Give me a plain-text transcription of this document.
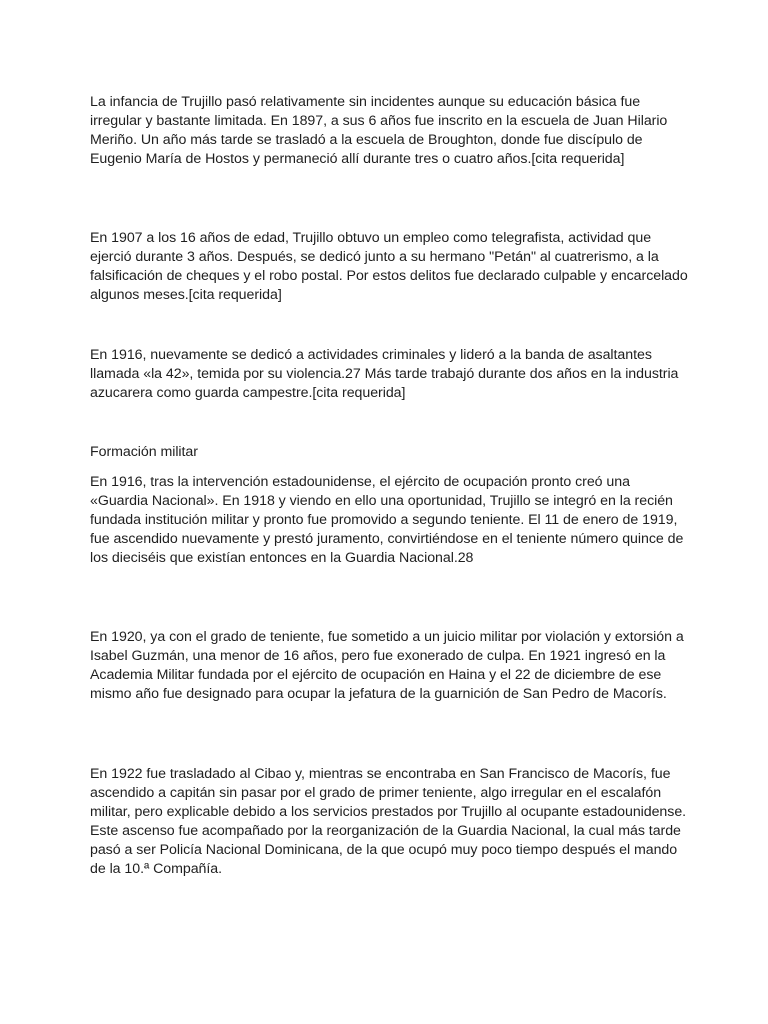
La infancia de Trujillo pasó relativamente sin incidentes aunque su educación básica fue irregular y bastante limitada. En 1897, a sus 6 años fue inscrito en la escuela de Juan Hilario Meriño. Un año más tarde se trasladó a la escuela de Broughton, donde fue discípulo de Eugenio María de Hostos y permaneció allí durante tres o cuatro años.[cita requerida]

En 1907 a los 16 años de edad, Trujillo obtuvo un empleo como telegrafista, actividad que ejerció durante 3 años. Después, se dedicó junto a su hermano "Petán" al cuatrerismo, a la falsificación de cheques y el robo postal. Por estos delitos fue declarado culpable y encarcelado algunos meses.[cita requerida]

En 1916, nuevamente se dedicó a actividades criminales y lideró a la banda de asaltantes llamada «la 42», temida por su violencia.27 Más tarde trabajó durante dos años en la industria azucarera como guarda campestre.[cita requerida]

Formación militar

En 1916, tras la intervención estadounidense, el ejército de ocupación pronto creó una «Guardia Nacional». En 1918 y viendo en ello una oportunidad, Trujillo se integró en la recién fundada institución militar y pronto fue promovido a segundo teniente. El 11 de enero de 1919, fue ascendido nuevamente y prestó juramento, convirtiéndose en el teniente número quince de los dieciséis que existían entonces en la Guardia Nacional.28

En 1920, ya con el grado de teniente, fue sometido a un juicio militar por violación y extorsión a Isabel Guzmán, una menor de 16 años, pero fue exonerado de culpa. En 1921 ingresó en la Academia Militar fundada por el ejército de ocupación en Haina y el 22 de diciembre de ese mismo año fue designado para ocupar la jefatura de la guarnición de San Pedro de Macorís.

En 1922 fue trasladado al Cibao y, mientras se encontraba en San Francisco de Macorís, fue ascendido a capitán sin pasar por el grado de primer teniente, algo irregular en el escalafón militar, pero explicable debido a los servicios prestados por Trujillo al ocupante estadounidense. Este ascenso fue acompañado por la reorganización de la Guardia Nacional, la cual más tarde pasó a ser Policía Nacional Dominicana, de la que ocupó muy poco tiempo después el mando de la 10.ª Compañía.
